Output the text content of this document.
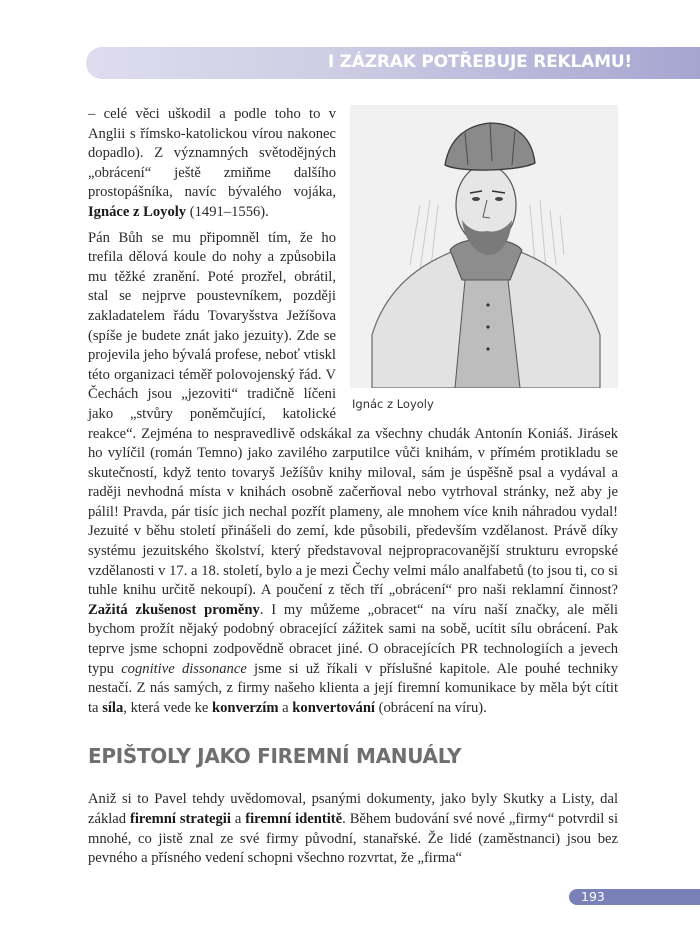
I ZÁZRAK POTŘEBUJE REKLAMU!
Ignác z Loyoly

– celé věci uškodil a podle toho to v Anglii s římsko-katolickou vírou nakonec dopadlo). Z významných světodějných „obrácení“ ještě zmiňme dalšího prostopášníka, navíc bývalého vojáka, Ignáce z Loyoly (1491–1556).

Pán Bůh se mu připomněl tím, že ho trefila dělová koule do nohy a způsobila mu těžké zranění. Poté prozřel, obrátil, stal se nejprve poustevníkem, později zakladatelem řádu Tovaryšstva Ježíšova (spíše je budete znát jako jezuity). Zde se projevila jeho bývalá profese, neboť vtiskl této organizaci téměř polovojenský řád. V Čechách jsou „jezoviti“ tradičně líčeni jako „stvůry poněmčující, katolické reakce“. Zejména to nespravedlivě odskákal za všechny chudák Antonín Koniáš. Jirásek ho vylíčil (román Temno) jako zavilého zarputilce vůči knihám, v přímém protikladu se skutečností, když tento tovaryš Ježíšův knihy miloval, sám je úspěšně psal a vydával a raději nevhodná místa v knihách osobně začerňoval nebo vytrhoval stránky, než aby je pálil! Pravda, pár tisíc jich nechal pozřít plameny, ale mnohem více knih náhradou vydal! Jezuité v běhu století přinášeli do zemí, kde působili, především vzdělanost. Právě díky systému jezuitského školství, který představoval nejpropracovanější strukturu evropské vzdělanosti v 17. a 18. století, bylo a je mezi Čechy velmi málo analfabetů (to jsou ti, co si tuhle knihu určitě nekoupí). A poučení z těch tří „obrácení“ pro naši reklamní činnost? Zažitá zkušenost proměny. I my můžeme „obracet“ na víru naší značky, ale měli bychom prožít nějaký podobný obracející zážitek sami na sobě, ucítit sílu obrácení. Pak teprve jsme schopni zodpovědně obracet jiné. O obracejících PR technologiích a jevech typu cognitive dissonance jsme si už říkali v příslušné kapitole. Ale pouhé techniky nestačí. Z nás samých, z firmy našeho klienta a její firemní komunikace by měla být cítit ta síla, která vede ke konverzím a konvertování (obrácení na víru).

EPIŠTOLY JAKO FIREMNÍ MANUÁLY

Aniž si to Pavel tehdy uvědomoval, psanými dokumenty, jako byly Skutky a Listy, dal základ firemní strategii a firemní identitě. Během budování své nové „firmy“ potvrdil si mnohé, co jistě znal ze své firmy původní, stanařské. Že lidé (zaměstnanci) jsou bez pevného a přísného vedení schopni všechno rozvrtat, že „firma“

193
